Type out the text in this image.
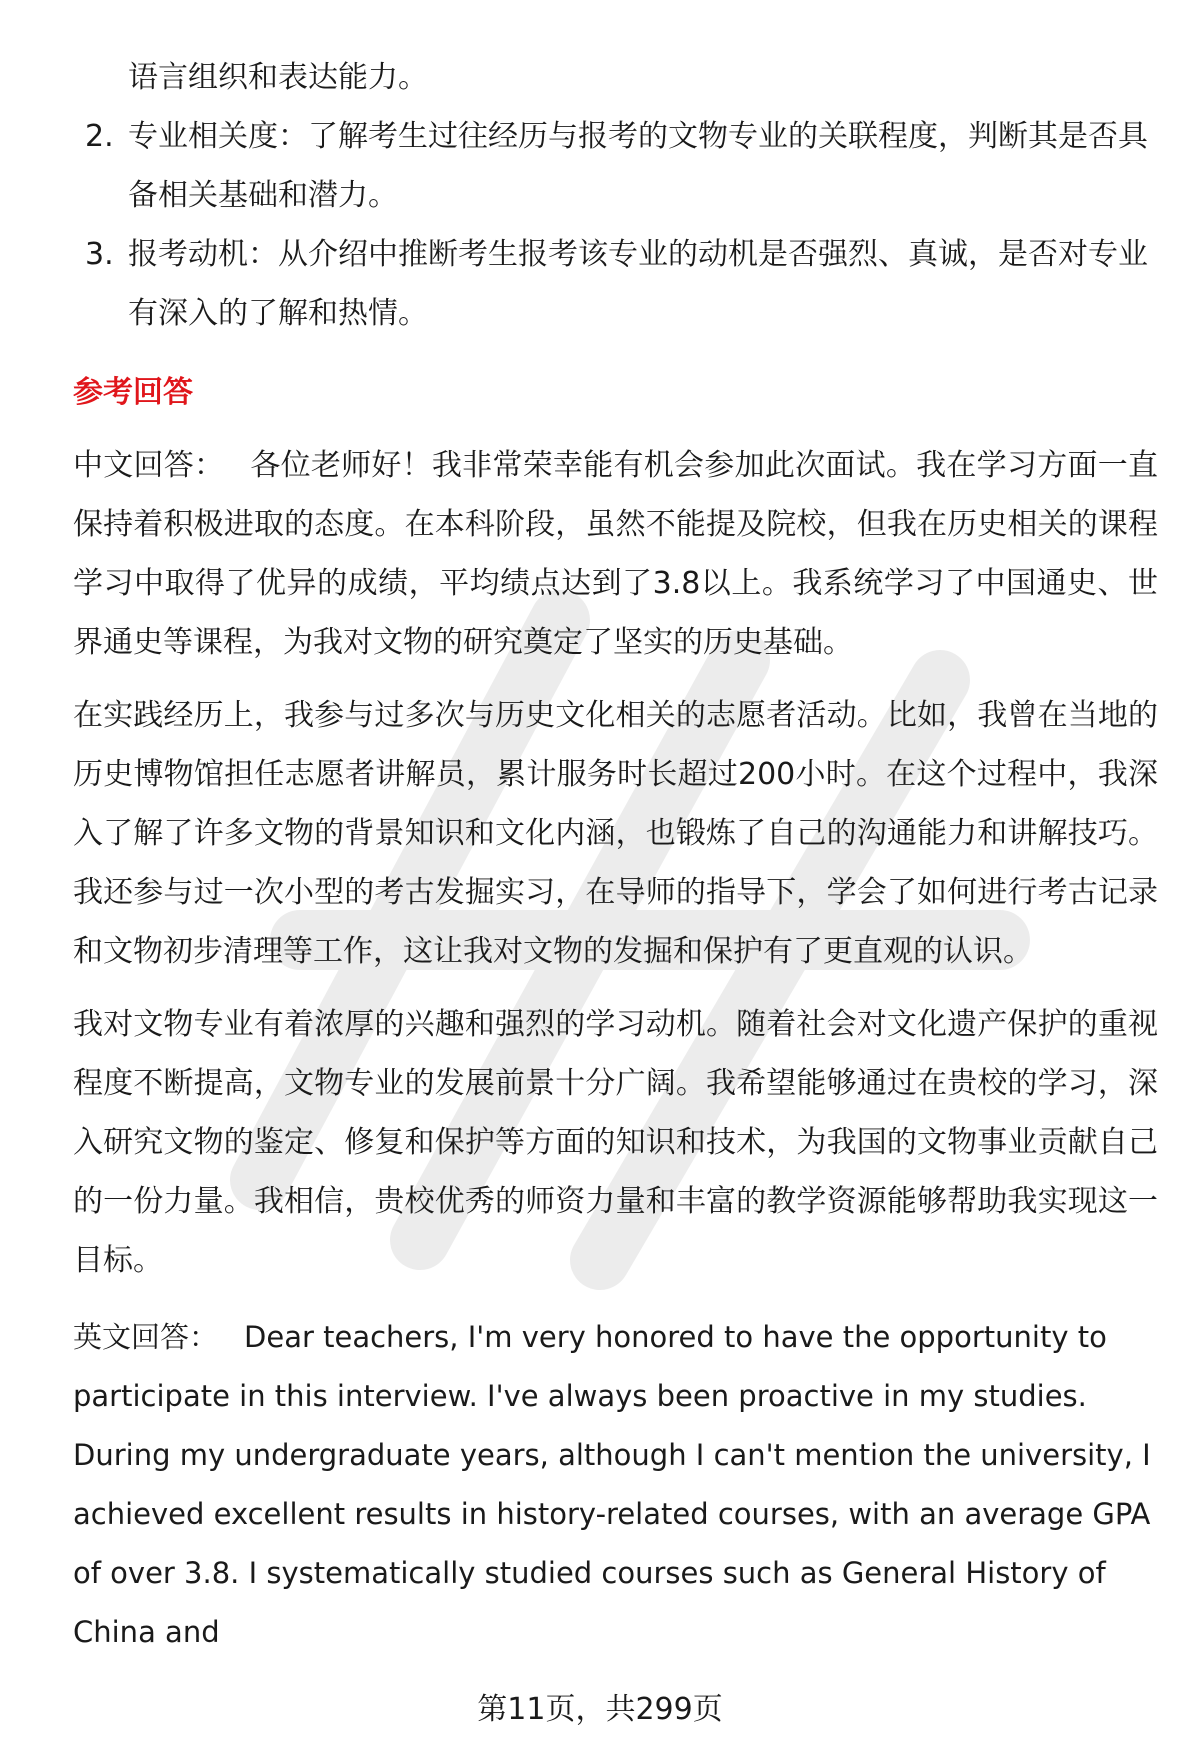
语言组织和表达能力。

2. 专业相关度：了解考生过往经历与报考的文物专业的关联程度，判断其是否具备相关基础和潜力。
3. 报考动机：从介绍中推断考生报考该专业的动机是否强烈、真诚，是否对专业有深入的了解和热情。
参考回答

中文回答： 各位老师好！我非常荣幸能有机会参加此次面试。我在学习方面一直保持着积极进取的态度。在本科阶段，虽然不能提及院校，但我在历史相关的课程学习中取得了优异的成绩，平均绩点达到了3.8以上。我系统学习了中国通史、世界通史等课程，为我对文物的研究奠定了坚实的历史基础。

在实践经历上，我参与过多次与历史文化相关的志愿者活动。比如，我曾在当地的历史博物馆担任志愿者讲解员，累计服务时长超过200小时。在这个过程中，我深入了解了许多文物的背景知识和文化内涵，也锻炼了自己的沟通能力和讲解技巧。我还参与过一次小型的考古发掘实习，在导师的指导下，学会了如何进行考古记录和文物初步清理等工作，这让我对文物的发掘和保护有了更直观的认识。

我对文物专业有着浓厚的兴趣和强烈的学习动机。随着社会对文化遗产保护的重视程度不断提高，文物专业的发展前景十分广阔。我希望能够通过在贵校的学习，深入研究文物的鉴定、修复和保护等方面的知识和技术，为我国的文物事业贡献自己的一份力量。我相信，贵校优秀的师资力量和丰富的教学资源能够帮助我实现这一目标。

英文回答： Dear teachers, I'm very honored to have the opportunity to participate in this interview. I've always been proactive in my studies. During my undergraduate years, although I can't mention the university, I achieved excellent results in history-related courses, with an average GPA of over 3.8. I systematically studied courses such as General History of China and

第11页，共299页
